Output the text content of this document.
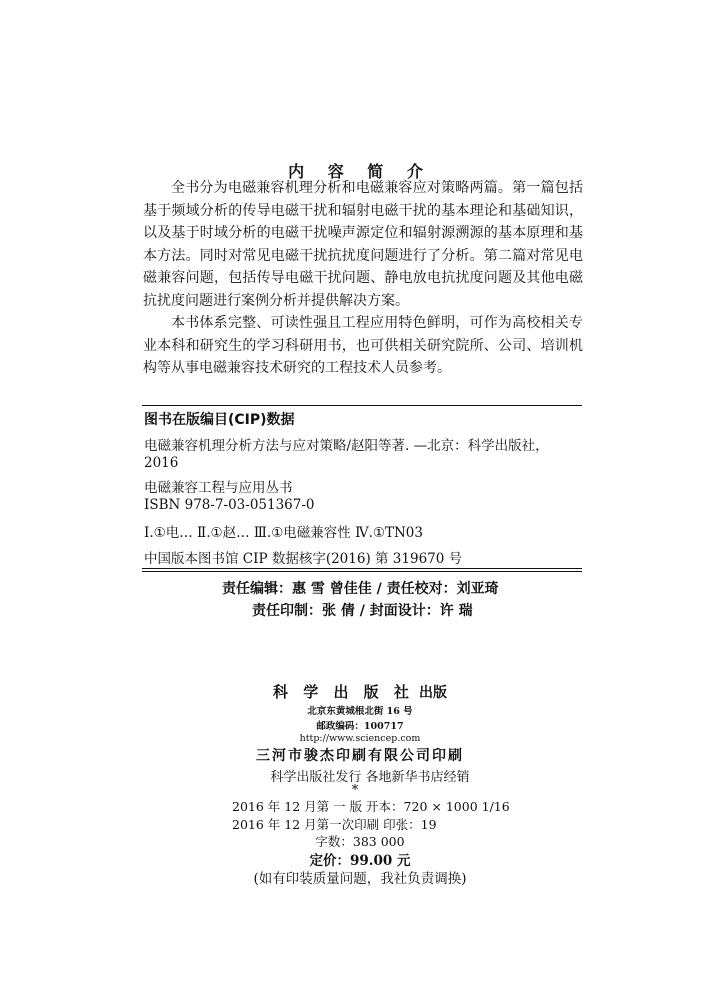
内 容 简 介

全书分为电磁兼容机理分析和电磁兼容应对策略两篇。第一篇包括基于频域分析的传导电磁干扰和辐射电磁干扰的基本理论和基础知识，以及基于时域分析的电磁干扰噪声源定位和辐射源溯源的基本原理和基本方法。同时对常见电磁干扰抗扰度问题进行了分析。第二篇对常见电磁兼容问题，包括传导电磁干扰问题、静电放电抗扰度问题及其他电磁抗扰度问题进行案例分析并提供解决方案。

本书体系完整、可读性强且工程应用特色鲜明，可作为高校相关专业本科和研究生的学习科研用书，也可供相关研究院所、公司、培训机构等从事电磁兼容技术研究的工程技术人员参考。

图书在版编目(CIP)数据
电磁兼容机理分析方法与应对策略/赵阳等著. —北京：科学出版社，
2016
电磁兼容工程与应用丛书
ISBN 978-7-03-051367-0
Ⅰ.①电… Ⅱ.①赵… Ⅲ.①电磁兼容性 Ⅳ.①TN03
中国版本图书馆 CIP 数据核字(2016) 第 319670 号
责任编辑：惠 雪 曾佳佳 / 责任校对：刘亚琦
责任印制：张 倩 / 封面设计：许 瑞
科 学 出 版 社 出版
北京东黄城根北街 16 号
邮政编码：100717
http://www.sciencep.com
三河市骏杰印刷有限公司印刷
科学出版社发行 各地新华书店经销
*
2016 年 12 月第 一 版 开本：720 × 1000 1/16
2016 年 12 月第一次印刷 印张：19
字数：383 000
定价：99.00 元
(如有印装质量问题，我社负责调换)
